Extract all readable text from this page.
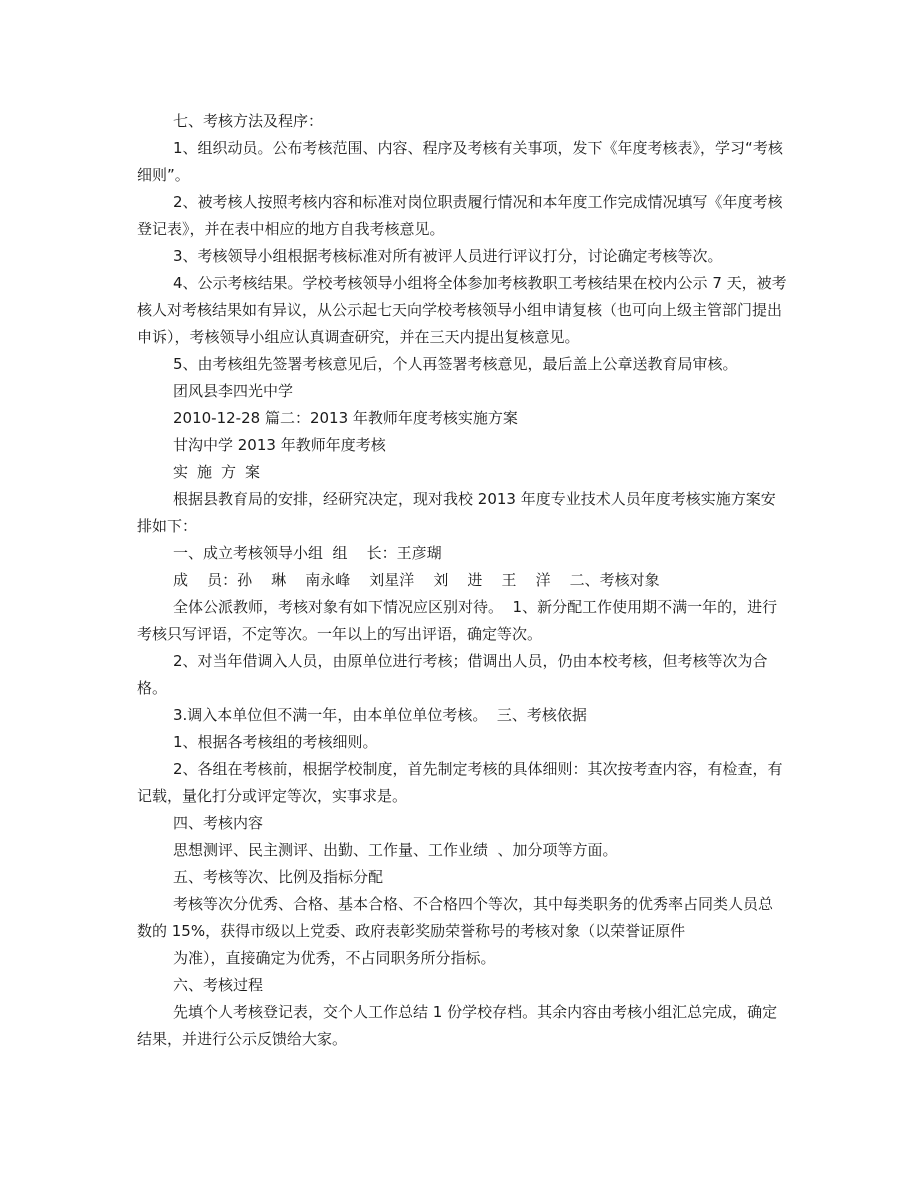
七、考核方法及程序：

1、组织动员。公布考核范围、内容、程序及考核有关事项，发下《年度考核表》，学习“考核细则”。

2、被考核人按照考核内容和标准对岗位职责履行情况和本年度工作完成情况填写《年度考核登记表》，并在表中相应的地方自我考核意见。

3、考核领导小组根据考核标准对所有被评人员进行评议打分，讨论确定考核等次。

4、公示考核结果。学校考核领导小组将全体参加考核教职工考核结果在校内公示 7 天，被考核人对考核结果如有异议，从公示起七天向学校考核领导小组申请复核（也可向上级主管部门提出申诉），考核领导小组应认真调查研究，并在三天内提出复核意见。

5、由考核组先签署考核意见后，个人再签署考核意见，最后盖上公章送教育局审核。

团风县李四光中学

2010-12-28 篇二：2013 年教师年度考核实施方案

甘沟中学 2013 年教师年度考核

实施方案

根据县教育局的安排，经研究决定，现对我校 2013 年度专业技术人员年度考核实施方案安排如下：

一、成立考核领导小组  组    长：王彦瑚

成    员：孙    琳    南永峰    刘星洋    刘    进    王    洋    二、考核对象

全体公派教师，考核对象有如下情况应区别对待。  1、新分配工作使用期不满一年的，进行考核只写评语，不定等次。一年以上的写出评语，确定等次。

2、对当年借调入人员，由原单位进行考核；借调出人员，仍由本校考核，但考核等次为合格。

3.调入本单位但不满一年，由本单位单位考核。  三、考核依据

1、根据各考核组的考核细则。

2、各组在考核前，根据学校制度，首先制定考核的具体细则：其次按考查内容，有检查，有记载，量化打分或评定等次，实事求是。

四、考核内容

思想测评、民主测评、出勤、工作量、工作业绩  、加分项等方面。

五、考核等次、比例及指标分配

考核等次分优秀、合格、基本合格、不合格四个等次，其中每类职务的优秀率占同类人员总数的 15%，获得市级以上党委、政府表彰奖励荣誉称号的考核对象（以荣誉证原件

为准），直接确定为优秀，不占同职务所分指标。

六、考核过程

先填个人考核登记表，交个人工作总结 1 份学校存档。其余内容由考核小组汇总完成，确定结果，并进行公示反馈给大家。
